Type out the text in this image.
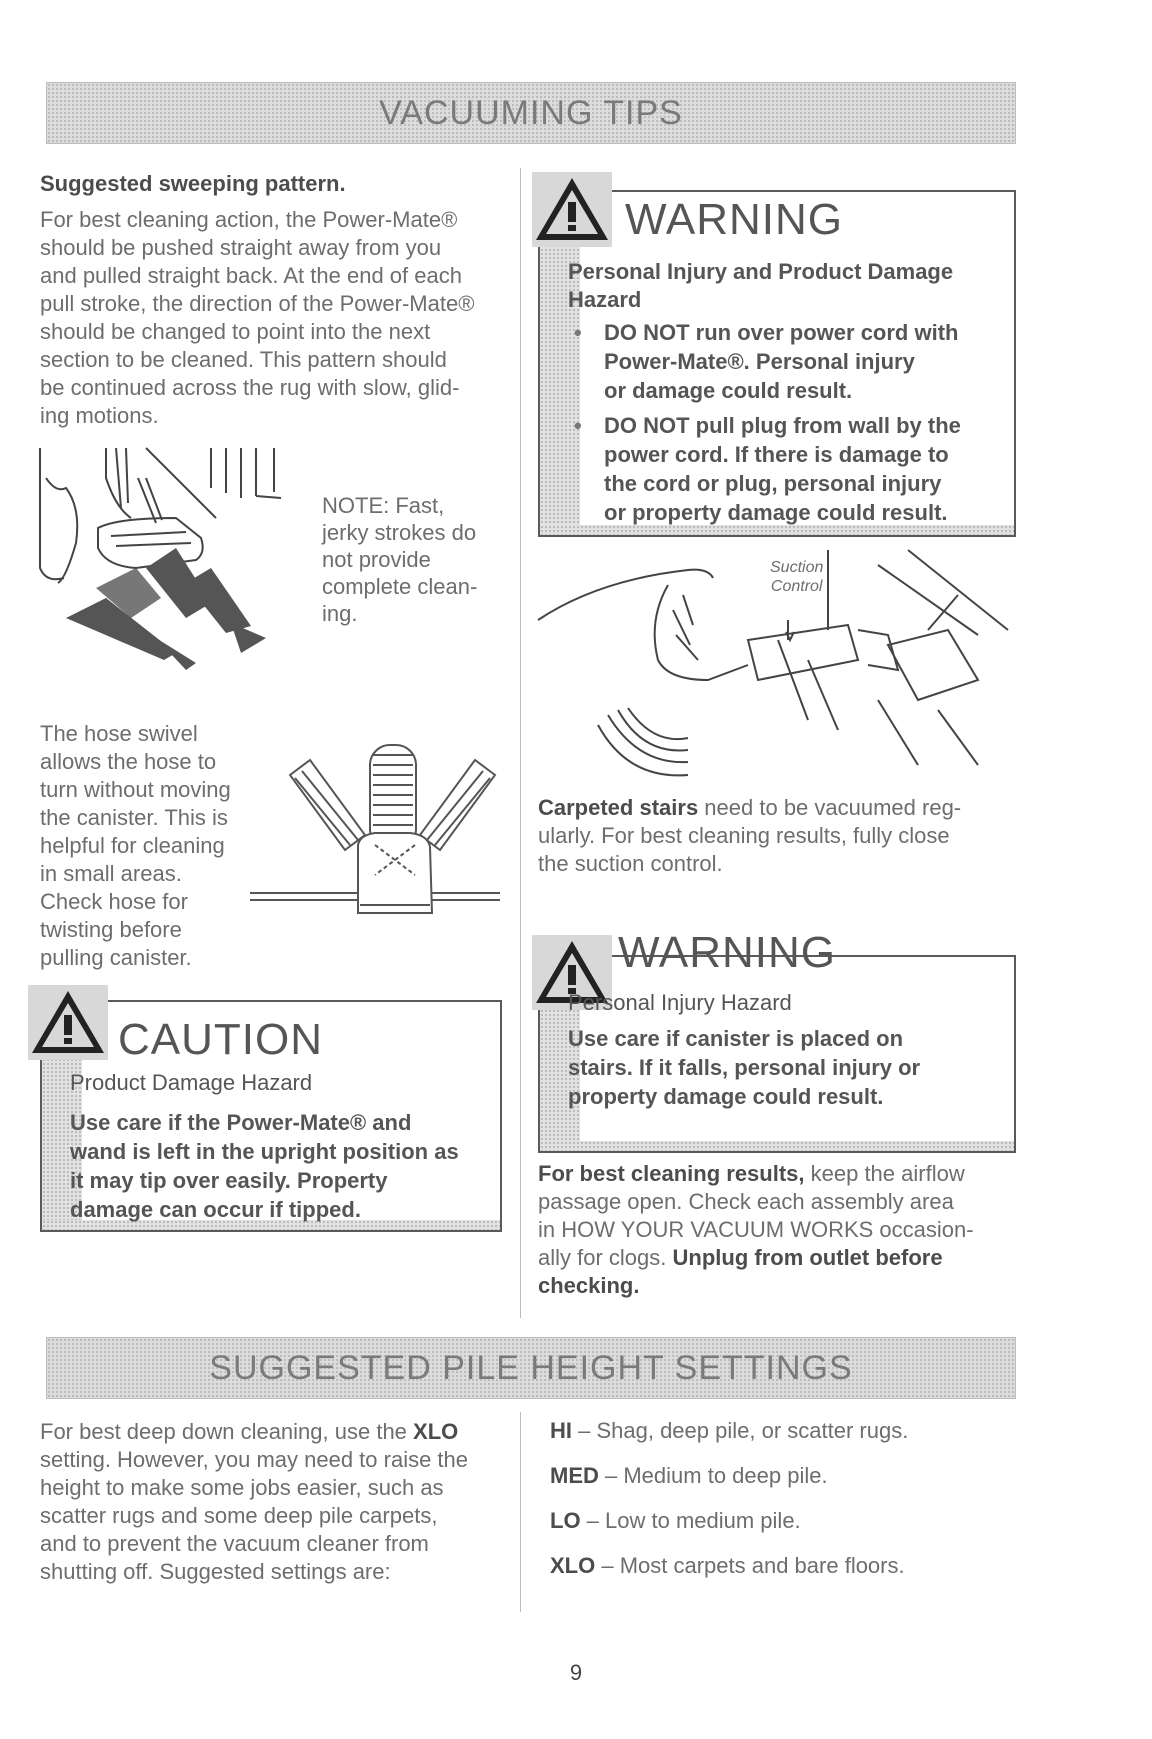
VACUUMING TIPS
Suggested sweeping pattern.
For best cleaning action, the Power-Mate®
should be pushed straight away from you
and pulled straight back. At the end of each
pull stroke, the direction of the Power-Mate®
should be changed to point into the next
section to be cleaned. This pattern should
be continued across the rug with slow, glid-
ing motions.
NOTE: Fast,
jerky strokes do
not provide
complete clean-
ing.
The hose swivel
allows the hose to
turn without moving
the canister. This is
helpful for cleaning
in small areas.
Check hose for
twisting before
pulling canister.
CAUTION
Product Damage Hazard
Use care if the Power-Mate® and
wand is left in the upright position as
it may tip over easily. Property
damage can occur if tipped.
WARNING
Personal Injury and Product Damage
Hazard
• DO NOT run over power cord with
Power-Mate®. Personal injury
or damage could result.
• DO NOT pull plug from wall by the
power cord. If there is damage to
the cord or plug, personal injury
or property damage could result.
Suction
Control
Carpeted stairs need to be vacuumed reg-
ularly. For best cleaning results, fully close
the suction control.
WARNING
Personal Injury Hazard
Use care if canister is placed on
stairs. If it falls, personal injury or
property damage could result.
For best cleaning results, keep the airflow
passage open. Check each assembly area
in HOW YOUR VACUUM WORKS occasion-
ally for clogs. Unplug from outlet before
checking.
SUGGESTED PILE HEIGHT SETTINGS
For best deep down cleaning, use the XLO
setting. However, you may need to raise the
height to make some jobs easier, such as
scatter rugs and some deep pile carpets,
and to prevent the vacuum cleaner from
shutting off. Suggested settings are:
HI – Shag, deep pile, or scatter rugs.
MED – Medium to deep pile.
LO – Low to medium pile.
XLO – Most carpets and bare floors.
9
